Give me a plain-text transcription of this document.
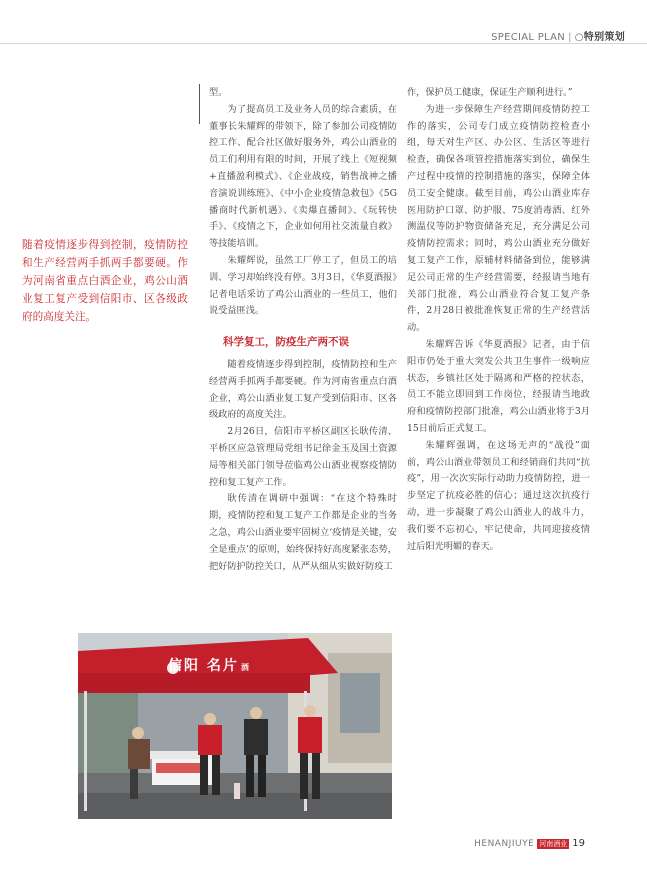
SPECIAL PLAN | ○特别策划
随着疫情逐步得到控制，疫情防控和生产经营两手抓两手都要硬。作为河南省重点白酒企业，鸡公山酒业复工复产受到信阳市、区各级政府的高度关注。

型。

为了提高员工及业务人员的综合素质，在董事长朱耀辉的带领下，除了参加公司疫情防控工作、配合社区做好服务外，鸡公山酒业的员工们利用有限的时间，开展了线上《短视频+直播盈利模式》、《企业战疫，销售战神之播音演说训练班》、《中小企业疫情急救包》《5G播商时代新机遇》、《卖爆直播间》、《玩转快手》、《疫情之下，企业如何用社交流量自救》等技能培训。

朱耀辉说，虽然工厂停工了，但员工的培训、学习却始终没有停。3月3日，《华夏酒报》记者电话采访了鸡公山酒业的一些员工，他们说受益匪浅。

科学复工，防疫生产两不误

随着疫情逐步得到控制，疫情防控和生产经营两手抓两手都要硬。作为河南省重点白酒企业，鸡公山酒业复工复产受到信阳市、区各级政府的高度关注。

2月26日，信阳市平桥区副区长耿传清、平桥区应急管理局党组书记徐金玉及国土资源局等相关部门领导莅临鸡公山酒业视察疫情防控和复工复产工作。

耿传清在调研中强调：“在这个特殊时期，疫情防控和复工复产工作都是企业的当务之急，鸡公山酒业要牢固树立‘疫情是关键，安全是重点’的原则，始终保持好高度紧张态势，把好防护防控关口，从严从细从实做好防疫工

作，保护员工健康，保证生产顺利进行。”

为进一步保障生产经营期间疫情防控工作的落实，公司专门成立疫情防控检查小组，每天对生产区、办公区、生活区等进行检查，确保各项管控措施落实到位，确保生产过程中疫情的控制措施的落实，保障全体员工安全健康。截至目前，鸡公山酒业库存医用防护口罩、防护服、75度消毒酒、红外测温仪等防护物资储备充足，充分满足公司疫情防控需求；同时，鸡公山酒业充分做好复工复产工作，原辅材料储备到位，能够满足公司正常的生产经营需要，经报请当地有关部门批准，鸡公山酒业符合复工复产条件，2月28日被批准恢复正常的生产经营活动。

朱耀辉告诉《华夏酒报》记者，由于信阳市仍处于重大突发公共卫生事件一级响应状态，乡镇社区处于隔离和严格的控状态，员工不能立即回到工作岗位，经报请当地政府和疫情防控部门批准，鸡公山酒业将于3月15日前后正式复工。

朱耀辉强调，在这场无声的“战役”面前，鸡公山酒业带领员工和经销商们共同“抗疫”，用一次次实际行动助力疫情防控，进一步坚定了抗疫必胜的信心；通过这次抗疫行动，进一步凝聚了鸡公山酒业人的战斗力，我们要不忘初心，牢记使命，共同迎接疫情过后阳光明媚的春天。

信阳 名片 酒
HENANJIUYE 河南酒业 19
